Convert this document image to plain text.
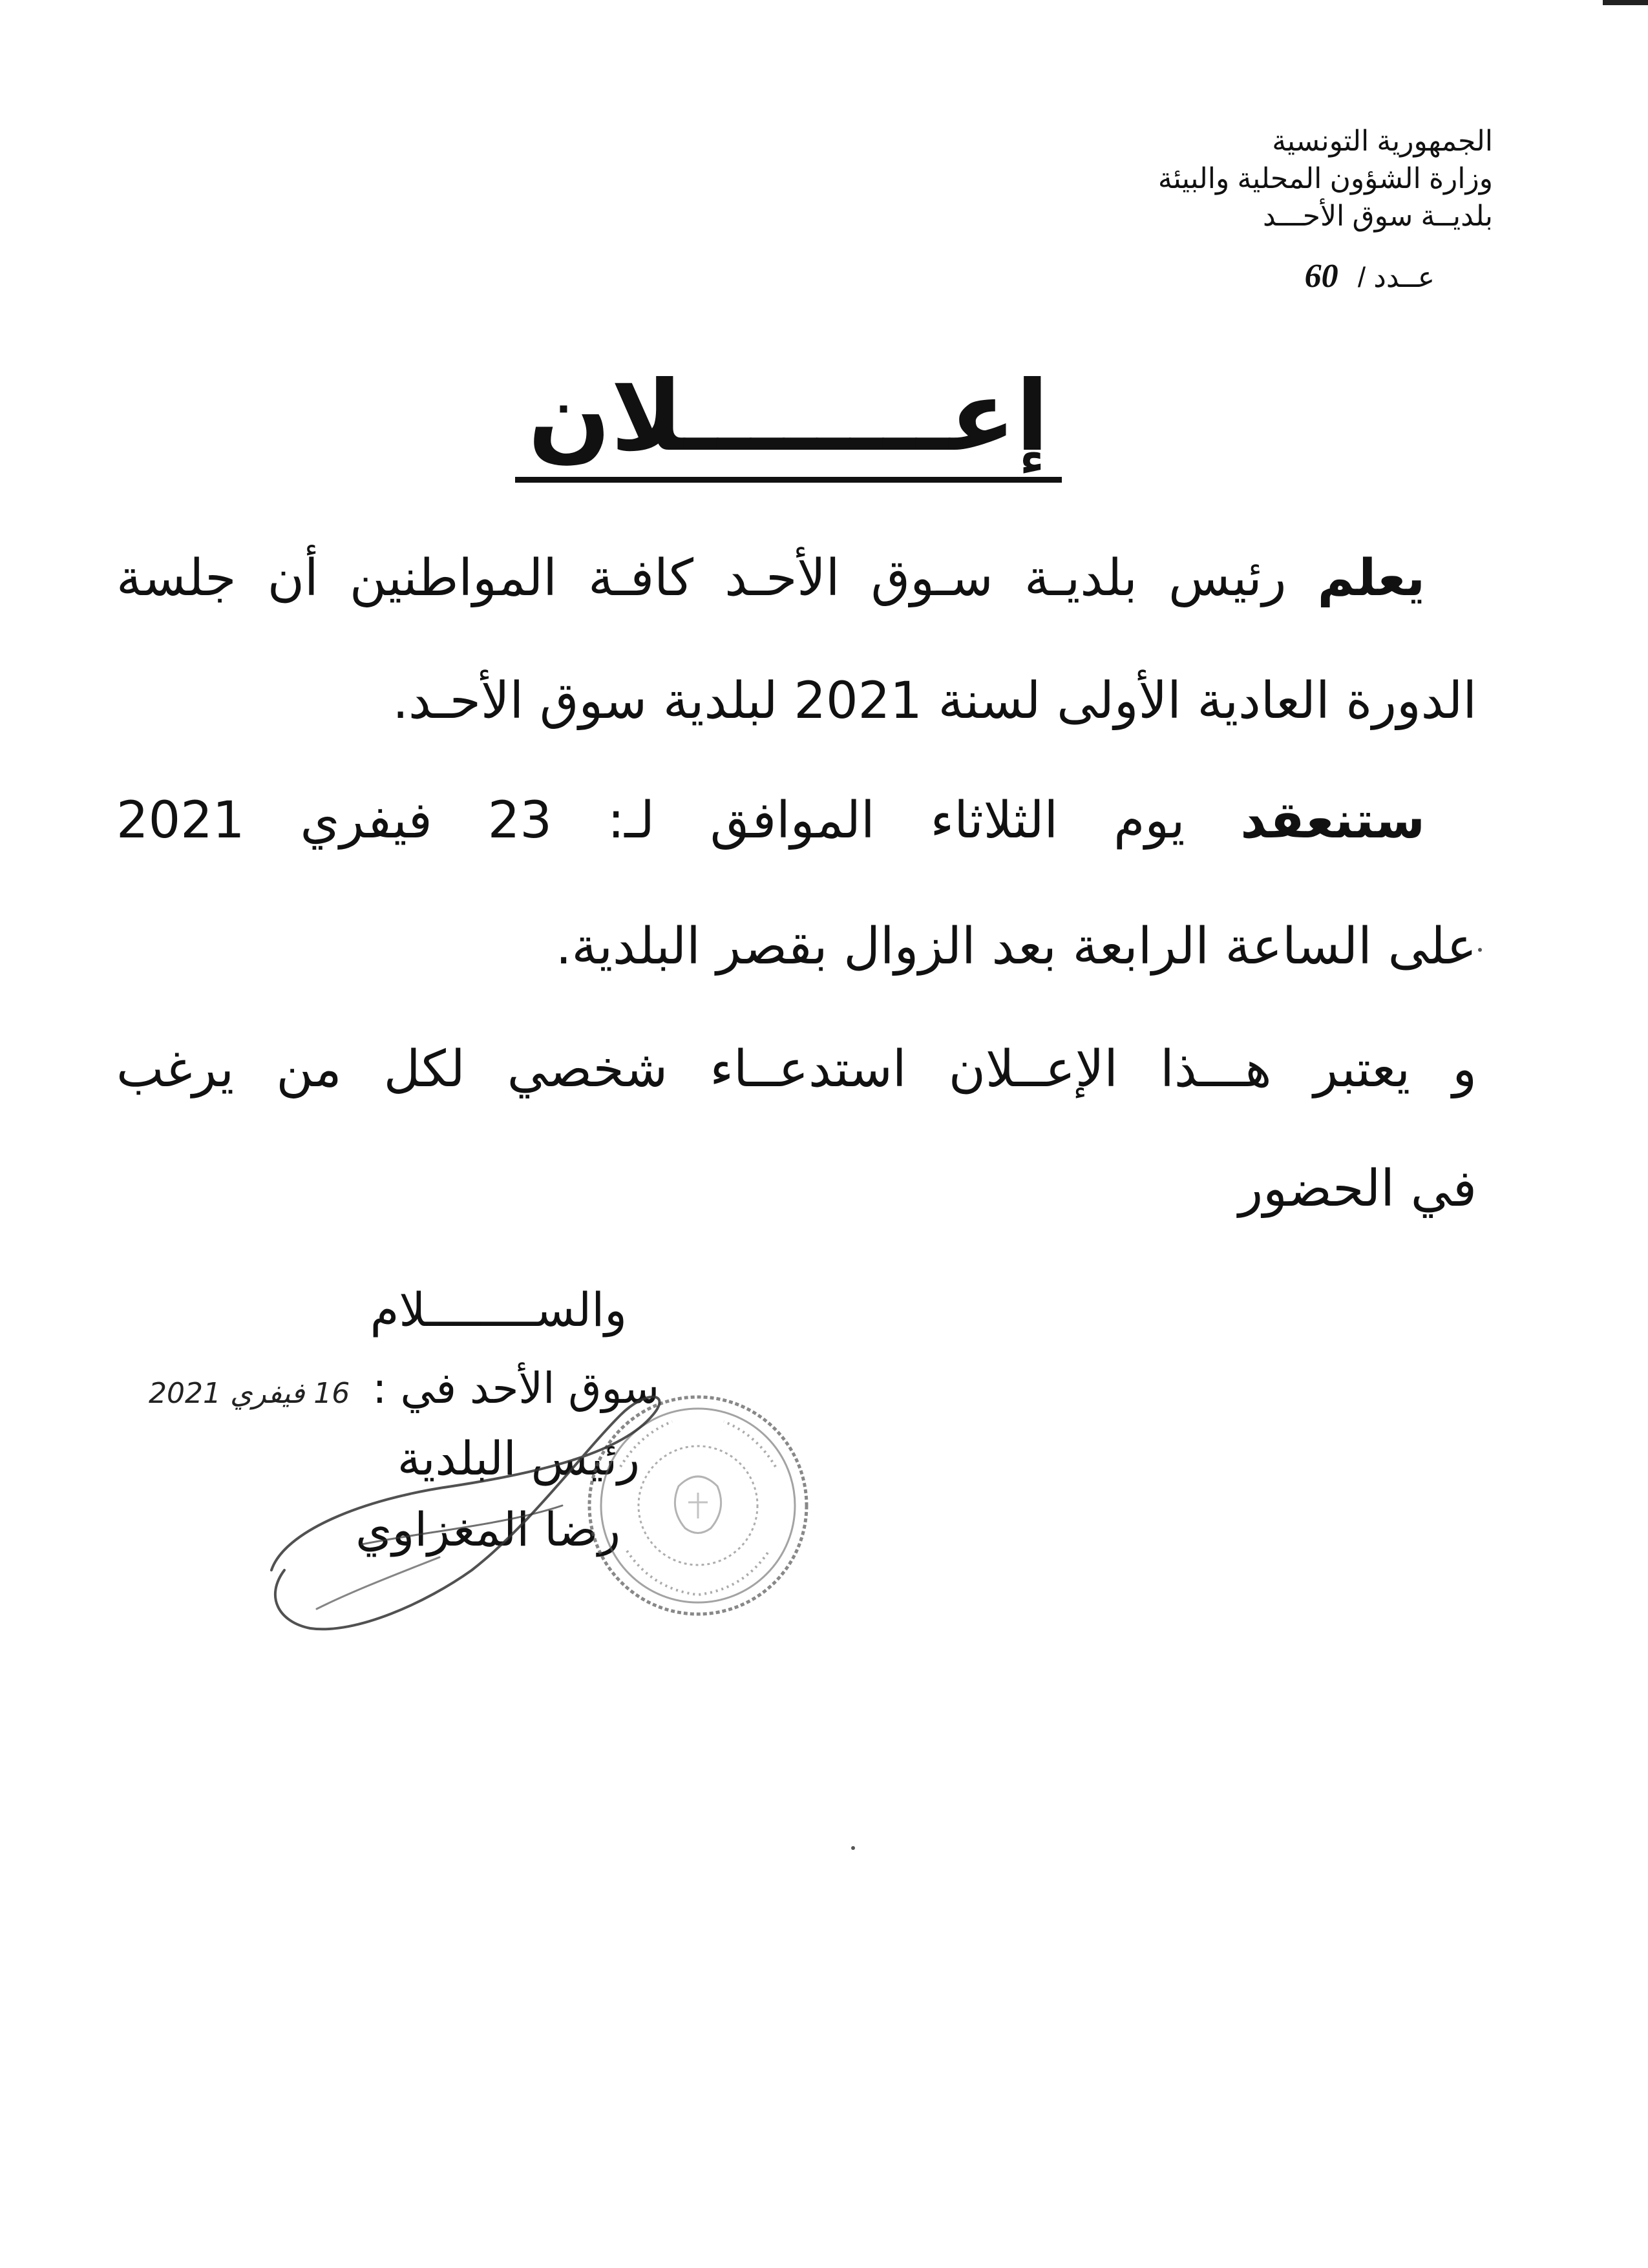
الجمهورية التونسية
وزارة الشؤون المحلية والبيئة
بلديــة سوق الأحـــد
عــدد / 60
إعــــــــلان
يعلم رئيس بلديـة سـوق الأحـد كافـة المواطنين أن جلسة
الدورة العادية الأولى لسنة 2021 لبلدية سوق الأحـد.
ستنعقد يوم الثلاثاء الموافق لـ: 23 فيفري 2021
على الساعة الرابعة بعد الزوال بقصر البلدية.
و يعتبر هـــذا الإعــلان استدعــاء شخصي لكل من يرغب
في الحضور
والســــــــلام
سوق الأحد في : 16 فيفري 2021
رئيس البلدية
رضا المغزاوي
